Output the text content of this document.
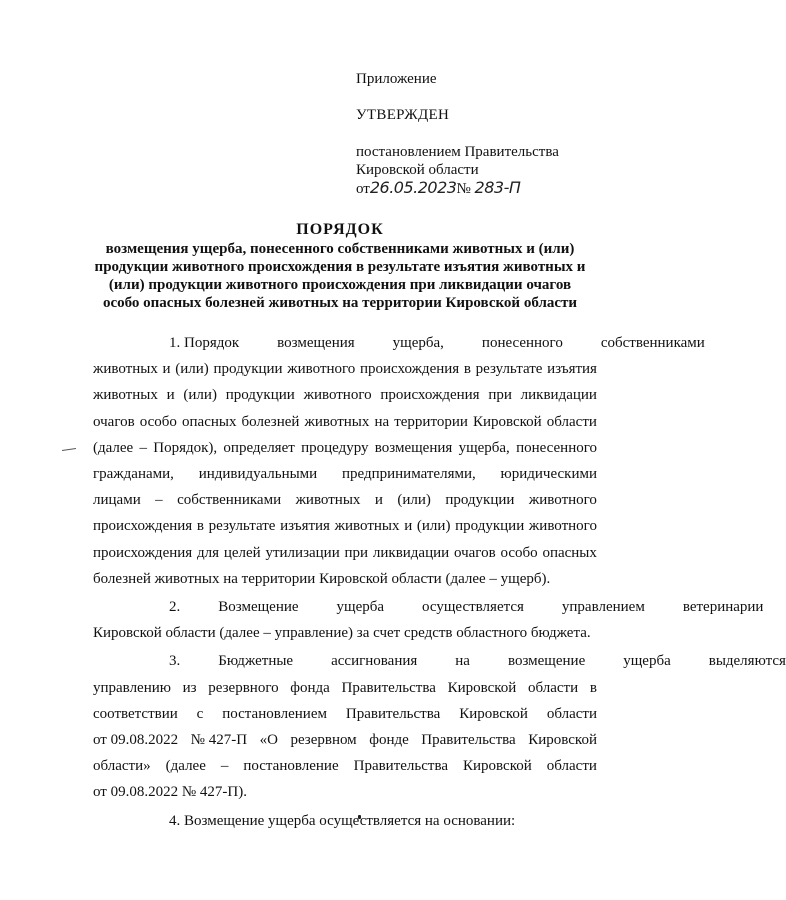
Приложение
УТВЕРЖДЕН
постановлением Правительства
Кировской области
от26.05.2023№ 283-П
ПОРЯДОК
возмещения ущерба, понесенного собственниками животных и (или)
продукции животного происхождения в результате изъятия животных и
(или) продукции животного происхождения при ликвидации очагов
особо опасных болезней животных на территории Кировской области
1. Порядок	возмещения	ущерба,	понесенного	собственниками
животных и (или) продукции животного происхождения в результате изъятия
животных и (или) продукции животного происхождения при ликвидации
очагов особо опасных болезней животных на территории Кировской области
(далее – Порядок), определяет процедуру возмещения ущерба, понесенного
гражданами, индивидуальными предпринимателями, юридическими
лицами – собственниками животных и (или) продукции животного
происхождения в результате изъятия животных и (или) продукции животного
происхождения для целей утилизации при ликвидации очагов особо опасных
болезней животных на территории Кировской области (далее – ущерб).
2.	Возмещение	ущерба	осуществляется	управлением	ветеринарии
Кировской области (далее – управление) за счет средств областного бюджета.
3.	Бюджетные	ассигнования	на	возмещение	ущерба	выделяются
управлению из резервного фонда Правительства Кировской области в
соответствии с постановлением Правительства Кировской области
от 09.08.2022 № 427-П «О резервном фонде Правительства Кировской
области» (далее – постановление Правительства Кировской области
от 09.08.2022 № 427-П).
4. Возмещение ущерба осуществляется на основании:
